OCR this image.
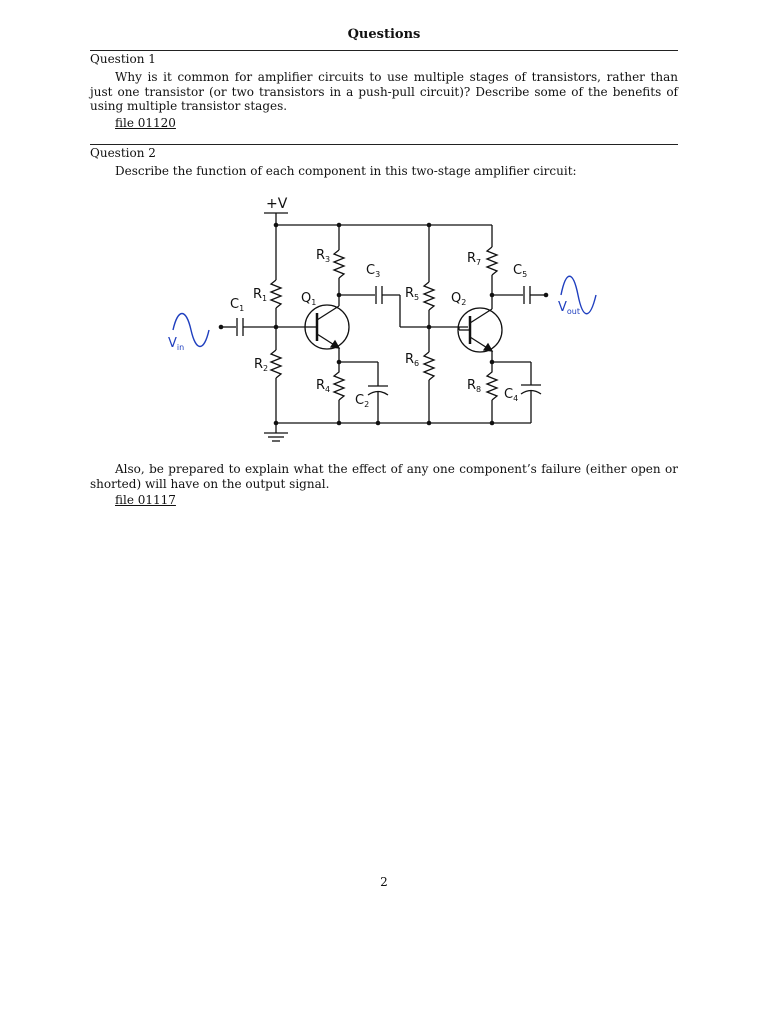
Questions
Question 1

Why is it common for amplifier circuits to use multiple stages of transistors, rather than just one transistor (or two transistors in a push-pull circuit)? Describe some of the benefits of using multiple transistor stages.

file 01120
Question 2

Describe the function of each component in this two-stage amplifier circuit:

+V
$V_{in}$
$V_{out}$
$R_1$
$R_2$
$R_3$
$R_4$
$R_5$
$R_6$
$R_7$
$R_8$
$C_1$
$C_2$
$C_3$
$C_4$
$C_5$
$Q_1$	$Q_2$

Also, be prepared to explain what the effect of any one component’s failure (either open or shorted) will have on the output signal.

file 01117
2
